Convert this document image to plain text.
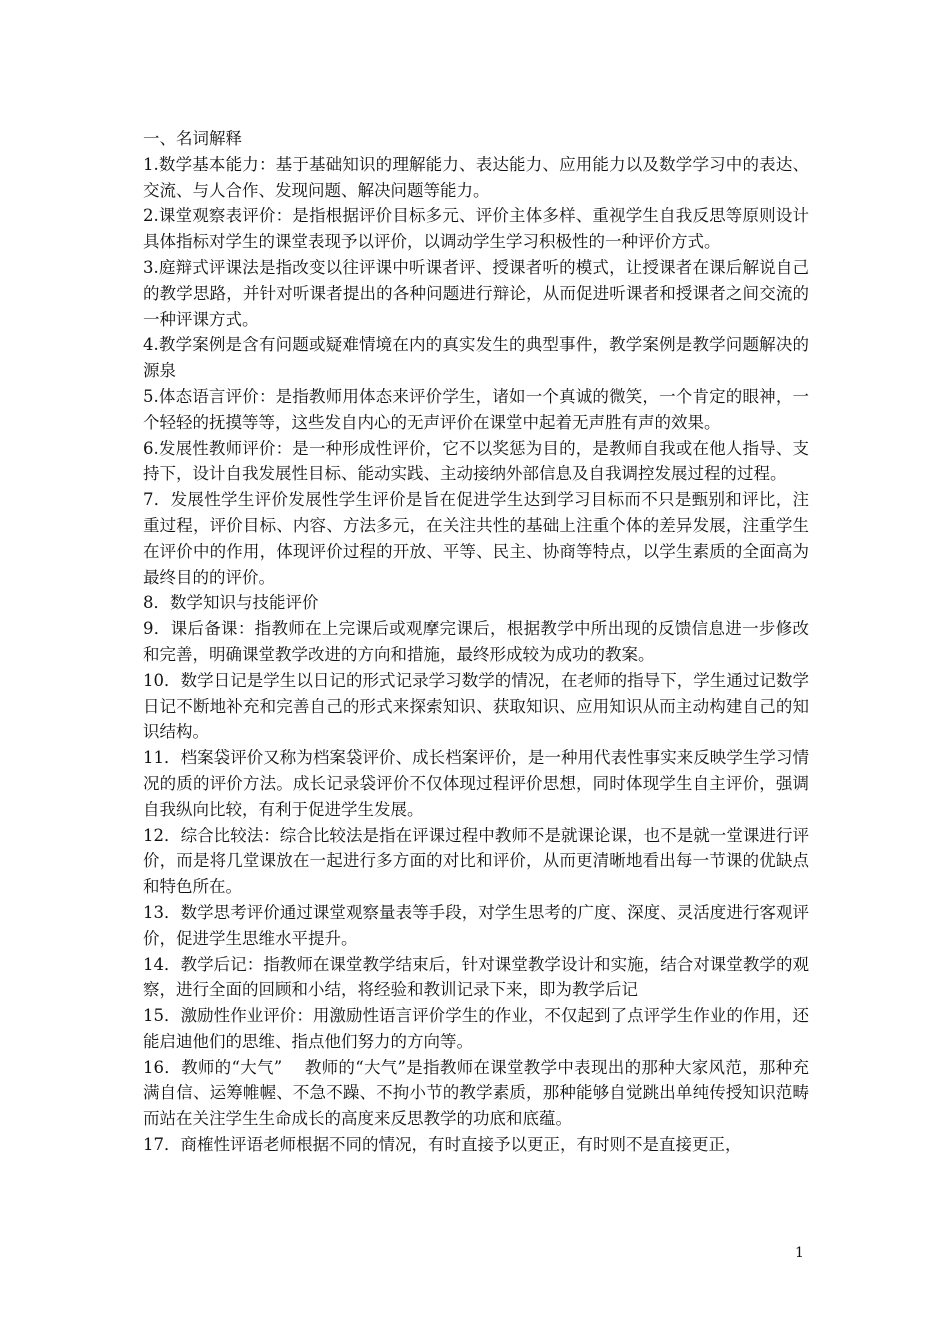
一、名词解释

1.数学基本能力：基于基础知识的理解能力、表达能力、应用能力以及数学学习中的表达、交流、与人合作、发现问题、解决问题等能力。

2.课堂观察表评价：是指根据评价目标多元、评价主体多样、重视学生自我反思等原则设计具体指标对学生的课堂表现予以评价，以调动学生学习积极性的一种评价方式。

3.庭辩式评课法是指改变以往评课中听课者评、授课者听的模式，让授课者在课后解说自己的教学思路，并针对听课者提出的各种问题进行辩论，从而促进听课者和授课者之间交流的一种评课方式。

4.教学案例是含有问题或疑难情境在内的真实发生的典型事件，教学案例是教学问题解决的源泉

5.体态语言评价：是指教师用体态来评价学生，诸如一个真诚的微笑，一个肯定的眼神，一个轻轻的抚摸等等，这些发自内心的无声评价在课堂中起着无声胜有声的效果。

6.发展性教师评价：是一种形成性评价，它不以奖惩为目的，是教师自我或在他人指导、支持下，设计自我发展性目标、能动实践、主动接纳外部信息及自我调控发展过程的过程。

7．发展性学生评价发展性学生评价是旨在促进学生达到学习目标而不只是甄别和评比，注重过程，评价目标、内容、方法多元，在关注共性的基础上注重个体的差异发展，注重学生在评价中的作用，体现评价过程的开放、平等、民主、协商等特点，以学生素质的全面高为最终目的的评价。

8．数学知识与技能评价

9．课后备课：指教师在上完课后或观摩完课后，根据教学中所出现的反馈信息进一步修改和完善，明确课堂教学改进的方向和措施，最终形成较为成功的教案。

10．数学日记是学生以日记的形式记录学习数学的情况，在老师的指导下，学生通过记数学日记不断地补充和完善自己的形式来探索知识、获取知识、应用知识从而主动构建自己的知识结构。

11．档案袋评价又称为档案袋评价、成长档案评价，是一种用代表性事实来反映学生学习情况的质的评价方法。成长记录袋评价不仅体现过程评价思想，同时体现学生自主评价，强调自我纵向比较，有利于促进学生发展。

12．综合比较法：综合比较法是指在评课过程中教师不是就课论课，也不是就一堂课进行评价，而是将几堂课放在一起进行多方面的对比和评价，从而更清晰地看出每一节课的优缺点和特色所在。

13．数学思考评价通过课堂观察量表等手段，对学生思考的广度、深度、灵活度进行客观评价，促进学生思维水平提升。

14．教学后记：指教师在课堂教学结束后，针对课堂教学设计和实施，结合对课堂教学的观察，进行全面的回顾和小结，将经验和教训记录下来，即为教学后记

15．激励性作业评价：用激励性语言评价学生的作业，不仅起到了点评学生作业的作用，还能启迪他们的思维、指点他们努力的方向等。

16．教师的“大气”　 教师的“大气”是指教师在课堂教学中表现出的那种大家风范，那种充满自信、运筹帷幄、不急不躁、不拘小节的教学素质，那种能够自觉跳出单纯传授知识范畴而站在关注学生生命成长的高度来反思教学的功底和底蕴。

17．商榷性评语老师根据不同的情况，有时直接予以更正，有时则不是直接更正，

1
